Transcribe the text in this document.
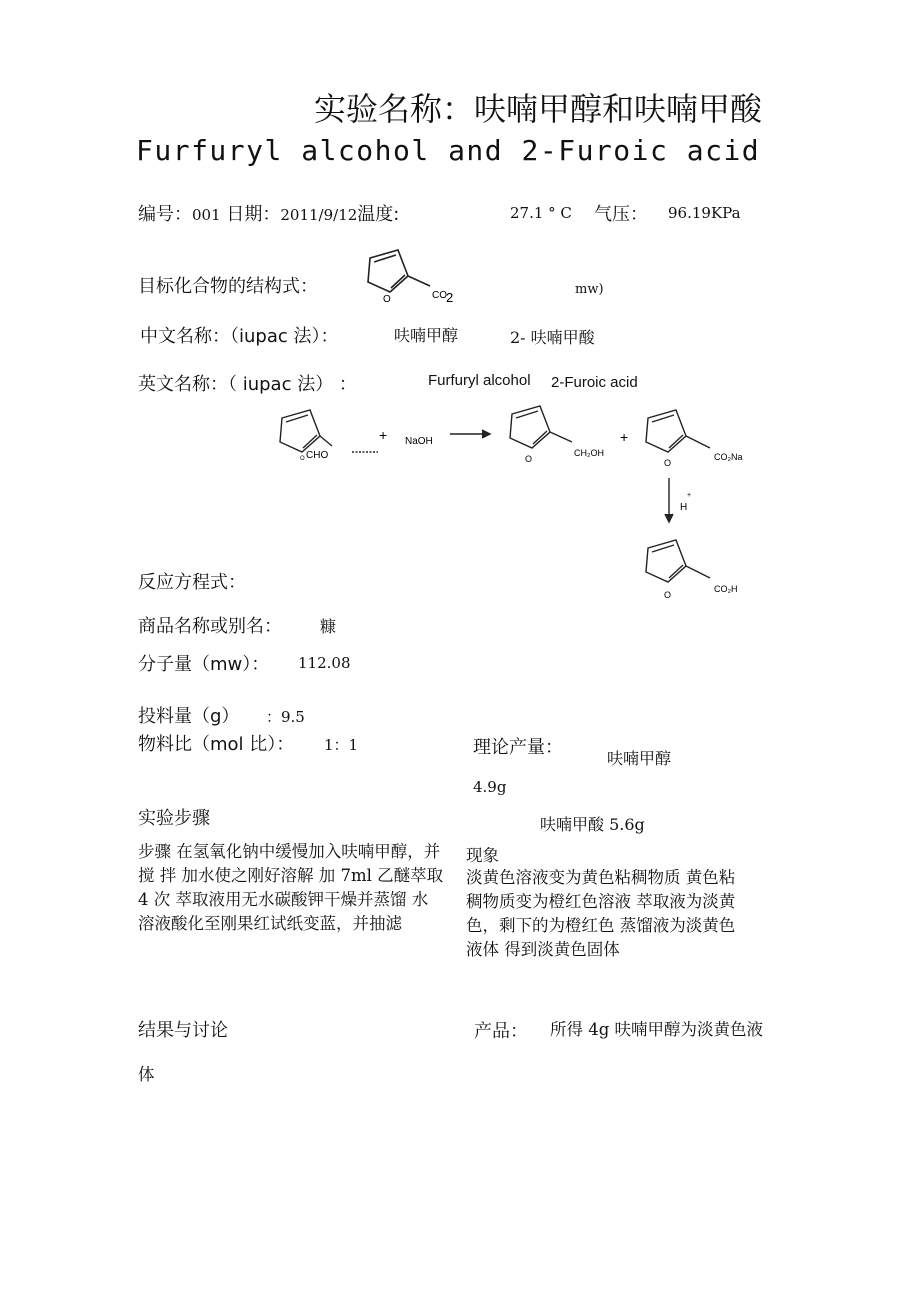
实验名称：呋喃甲醇和呋喃甲酸
Furfuryl alcohol and 2-Furoic acid
编号：001 日期：2011/9/12温度:	27.1 ° C 气压： 96.19KPa
目标化合物的结构式：
O	CO 2
mw)
中文名称：（iupac 法）：	呋喃甲醇	2- 呋喃甲酸
英文名称：（ iupac 法） ：	Furfuryl alcohol 2-Furoic acid
O CHO
+ NaOH
O
CH₂OH
+
O
CO₂Na
H
+
O
CO₂H
反应方程式：
商品名称或别名： 糠
分子量（mw）： 112.08
投料量（g） ：9.5
物料比（mol 比）： 1：1	理论产量：
呋喃甲醇
4.9g
呋喃甲酸 5.6g
实验步骤
步骤 在氢氧化钠中缓慢加入呋喃甲醇，并搅 拌 加水使之刚好溶解 加 7ml 乙醚萃取 4 次 萃取液用无水碳酸钾干燥并蒸馏 水溶液酸化至刚果红试纸变蓝，并抽滤
现象
淡黄色溶液变为黄色粘稠物质 黄色粘稠物质变为橙红色溶液 萃取液为淡黄色，剩下的为橙红色 蒸馏液为淡黄色液体 得到淡黄色固体
结果与讨论
体
产品：	所得 4g 呋喃甲醇为淡黄色液
